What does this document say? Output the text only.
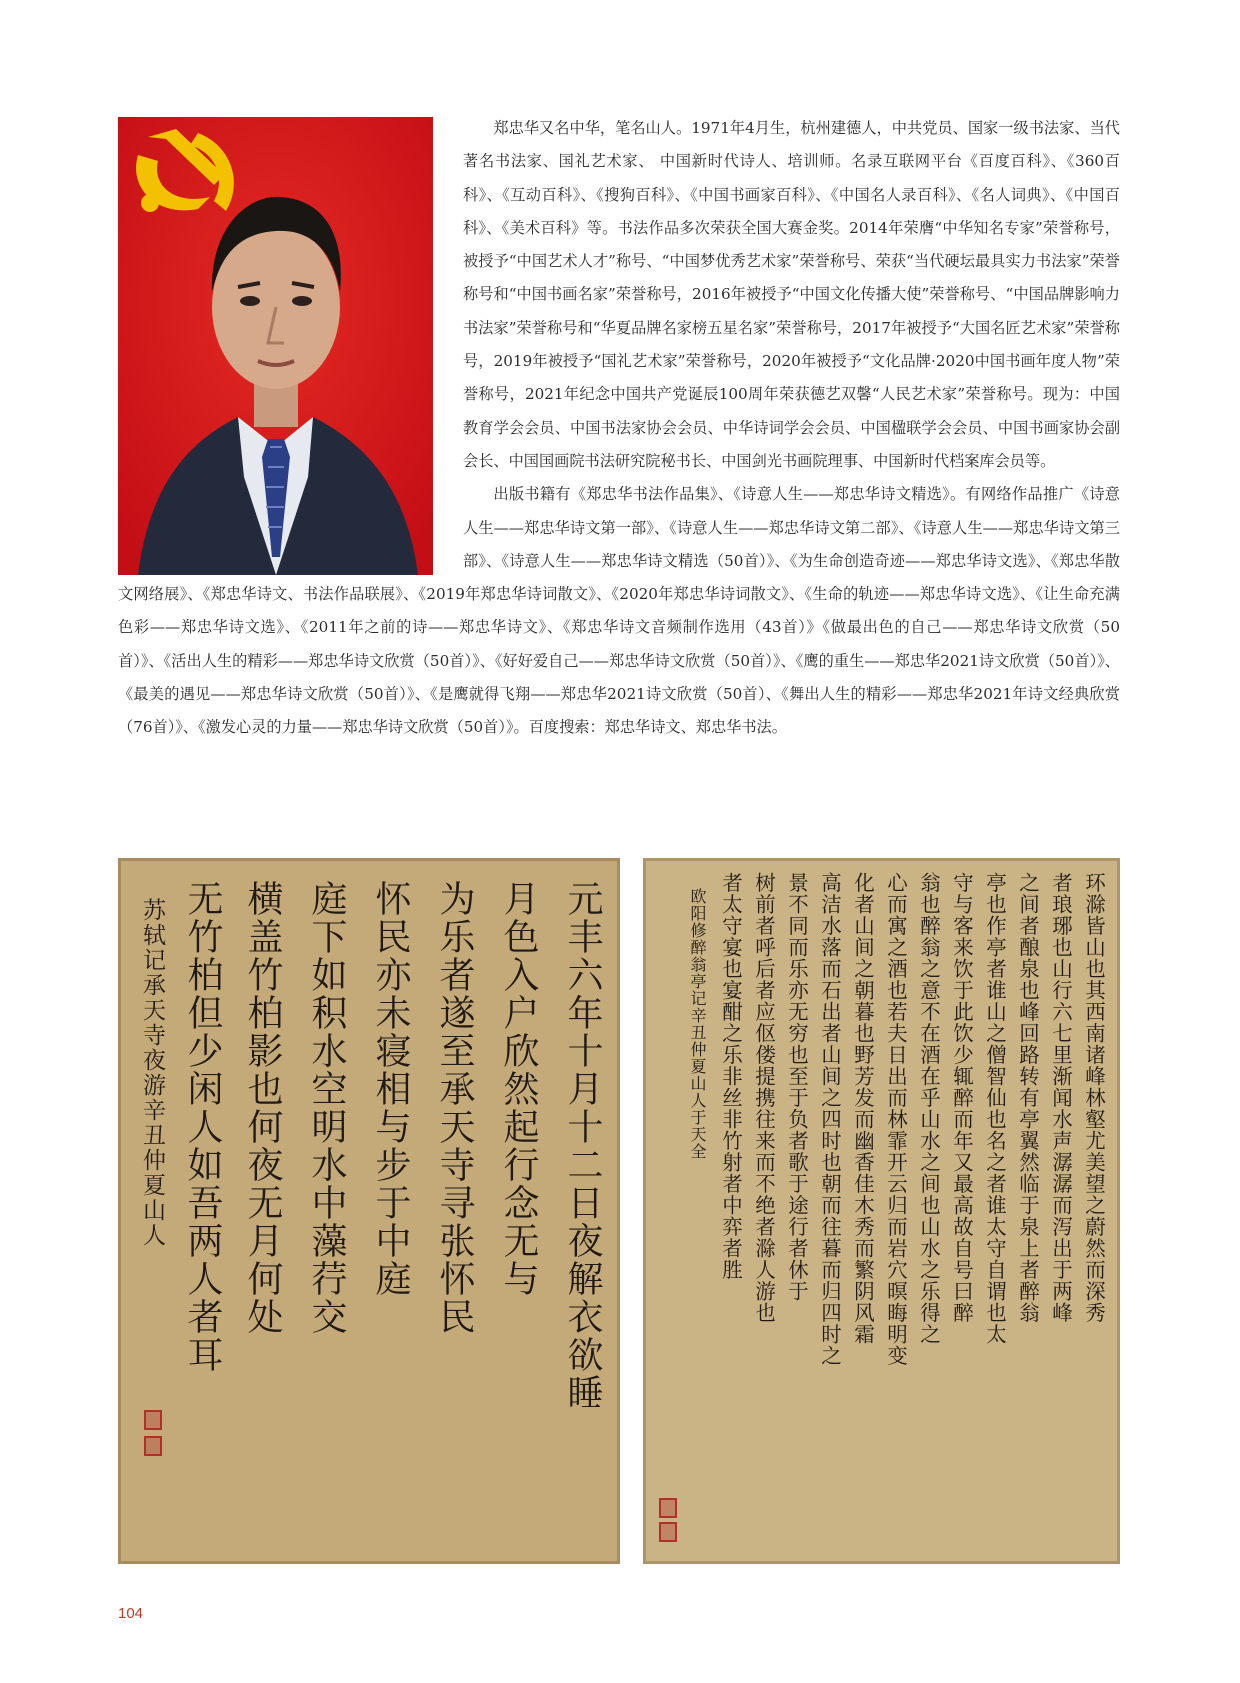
郑忠华又名中华，笔名山人。1971年4月生，杭州建德人，中共党员、国家一级书法家、当代著名书法家、国礼艺术家、 中国新时代诗人、培训师。名录互联网平台《百度百科》、《360百科》、《互动百科》、《搜狗百科》、《中国书画家百科》、《中国名人录百科》、《名人词典》、《中国百科》、《美术百科》等。书法作品多次荣获全国大赛金奖。2014年荣膺“中华知名专家”荣誉称号，被授予“中国艺术人才”称号、“中国梦优秀艺术家”荣誉称号、荣获“当代硬坛最具实力书法家”荣誉称号和“中国书画名家”荣誉称号，2016年被授予“中国文化传播大使”荣誉称号、“中国品牌影响力书法家”荣誉称号和“华夏品牌名家榜五星名家”荣誉称号，2017年被授予“大国名匠艺术家”荣誉称号，2019年被授予“国礼艺术家”荣誉称号，2020年被授予“文化品牌·2020中国书画年度人物”荣誉称号，2021年纪念中国共产党诞辰100周年荣获德艺双馨“人民艺术家”荣誉称号。现为：中国教育学会会员、中国书法家协会会员、中华诗词学会会员、中国楹联学会会员、中国书画家协会副会长、中国国画院书法研究院秘书长、中国剑光书画院理事、中国新时代档案库会员等。

出版书籍有《郑忠华书法作品集》、《诗意人生——郑忠华诗文精选》。有网络作品推广《诗意人生——郑忠华诗文第一部》、《诗意人生——郑忠华诗文第二部》、《诗意人生——郑忠华诗文第三部》、《诗意人生——郑忠华诗文精选（50首）》、《为生命创造奇迹——郑忠华诗文选》、《郑忠华散文网络展》、《郑忠华诗文、书法作品联展》、《2019年郑忠华诗词散文》、《2020年郑忠华诗词散文》、《生命的轨迹——郑忠华诗文选》、《让生命充满色彩——郑忠华诗文选》、《2011年之前的诗——郑忠华诗文》、《郑忠华诗文音频制作选用（43首）》《做最出色的自己——郑忠华诗文欣赏（50首）》、《活出人生的精彩——郑忠华诗文欣赏（50首）》、《好好爱自己——郑忠华诗文欣赏（50首）》、《鹰的重生——郑忠华2021诗文欣赏（50首）》、《最美的遇见——郑忠华诗文欣赏（50首）》、《是鹰就得飞翔——郑忠华2021诗文欣赏（50首）、《舞出人生的精彩——郑忠华2021年诗文经典欣赏（76首）》、《激发心灵的力量——郑忠华诗文欣赏（50首）》。百度搜索：郑忠华诗文、郑忠华书法。

元丰六年十月十二日夜解衣欲睡
月色入户欣然起行念无与
为乐者遂至承天寺寻张怀民
怀民亦未寝相与步于中庭
庭下如积水空明水中藻荇交
横盖竹柏影也何夜无月何处
无竹柏但少闲人如吾两人者耳
苏轼记承天寺夜游辛丑仲夏山人	环滁皆山也其西南诸峰林壑尤美望之蔚然而深秀
者琅琊也山行六七里渐闻水声潺潺而泻出于两峰
之间者酿泉也峰回路转有亭翼然临于泉上者醉翁
亭也作亭者谁山之僧智仙也名之者谁太守自谓也太
守与客来饮于此饮少辄醉而年又最高故自号曰醉
翁也醉翁之意不在酒在乎山水之间也山水之乐得之
心而寓之酒也若夫日出而林霏开云归而岩穴暝晦明变
化者山间之朝暮也野芳发而幽香佳木秀而繁阴风霜
高洁水落而石出者山间之四时也朝而往暮而归四时之
景不同而乐亦无穷也至于负者歌于途行者休于
树前者呼后者应伛偻提携往来而不绝者滁人游也
者太守宴也宴酣之乐非丝非竹射者中弈者胜
欧阳修醉翁亭记辛丑仲夏山人于天全
104
